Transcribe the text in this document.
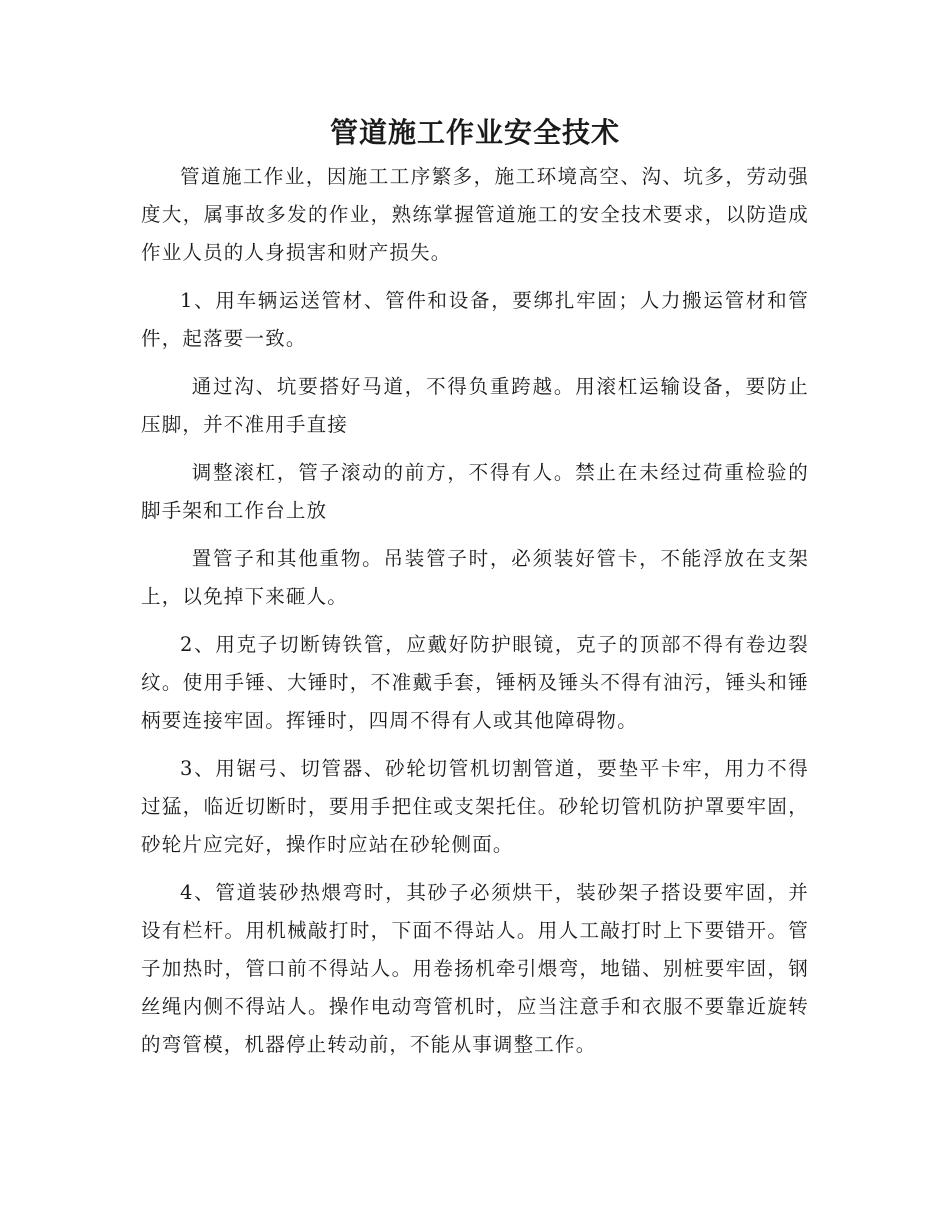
管道施工作业安全技术

管道施工作业，因施工工序繁多，施工环境高空、沟、坑多，劳动强度大，属事故多发的作业，熟练掌握管道施工的安全技术要求，以防造成作业人员的人身损害和财产损失。

1、用车辆运送管材、管件和设备，要绑扎牢固；人力搬运管材和管件，起落要一致。

通过沟、坑要搭好马道，不得负重跨越。用滚杠运输设备，要防止压脚，并不准用手直接

调整滚杠，管子滚动的前方，不得有人。禁止在未经过荷重检验的脚手架和工作台上放

置管子和其他重物。吊装管子时，必须装好管卡，不能浮放在支架上，以免掉下来砸人。

2、用克子切断铸铁管，应戴好防护眼镜，克子的顶部不得有卷边裂纹。使用手锤、大锤时，不准戴手套，锤柄及锤头不得有油污，锤头和锤柄要连接牢固。挥锤时，四周不得有人或其他障碍物。

3、用锯弓、切管器、砂轮切管机切割管道，要垫平卡牢，用力不得过猛，临近切断时，要用手把住或支架托住。砂轮切管机防护罩要牢固，砂轮片应完好，操作时应站在砂轮侧面。

4、管道装砂热煨弯时，其砂子必须烘干，装砂架子搭设要牢固，并设有栏杆。用机械敲打时，下面不得站人。用人工敲打时上下要错开。管子加热时，管口前不得站人。用卷扬机牵引煨弯，地锚、别桩要牢固，钢丝绳内侧不得站人。操作电动弯管机时，应当注意手和衣服不要靠近旋转的弯管模，机器停止转动前，不能从事调整工作。
